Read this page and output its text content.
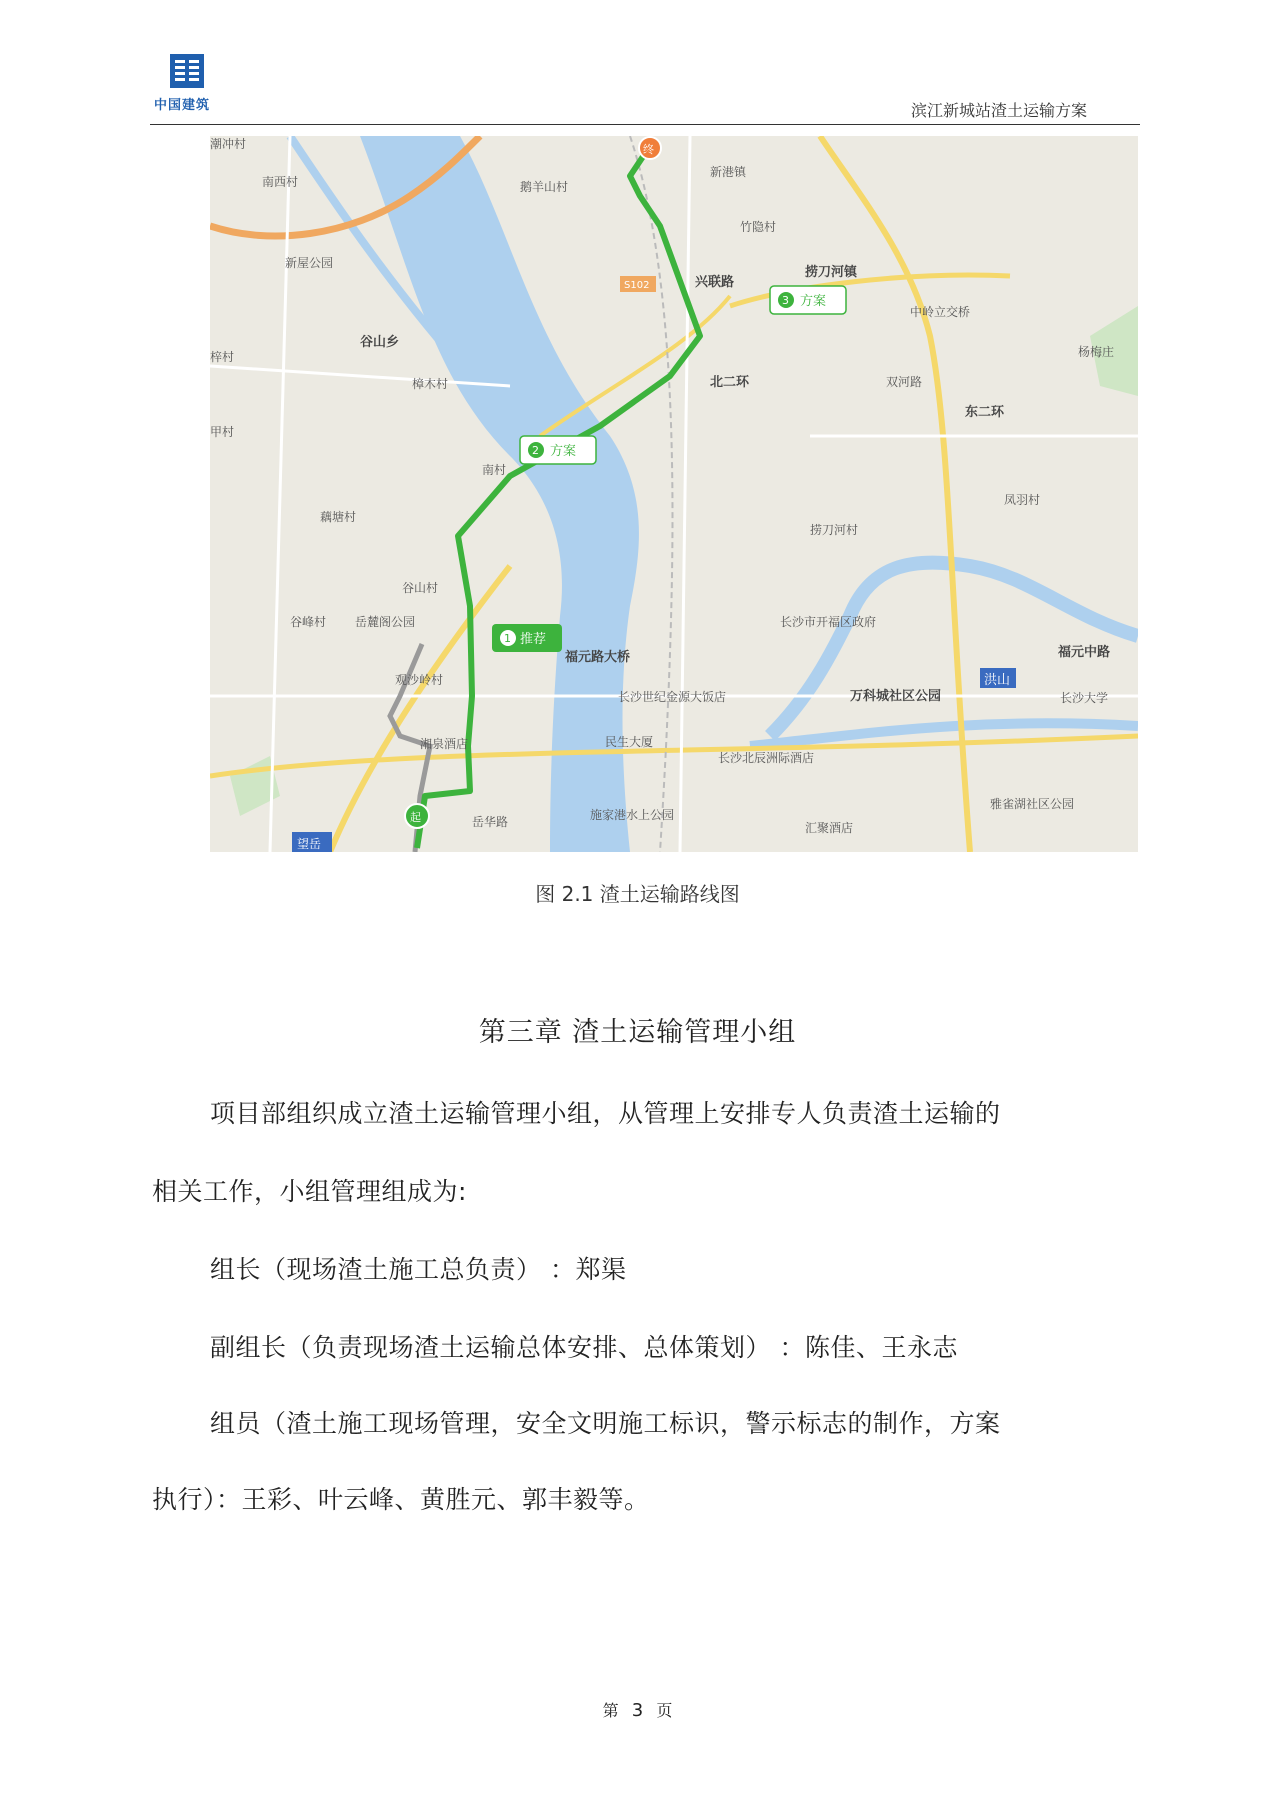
中国建筑	滨江新城站渣土运输方案
潮冲村
南西村
新屋公园
鹅羊山村
新港镇
竹隐村
捞刀河镇
中岭立交桥
杨梅庄
谷山乡
樟木村	双河路
东二环
凤羽村
南村
藕塘村
捞刀河村
谷山村
谷峰村 岳麓阁公园	长沙市开福区政府
观沙岭村
长沙世纪金源大饭店	万科城社区公园	长沙大学
湘泉酒店	民生大厦
长沙北辰洲际酒店
施家港水上公园
雅雀湖社区公园
汇聚酒店
福元路大桥	福元中路
兴联路
北二环
岳华路
梓村
甲村
望岳
S102
洪山
终
起
1 推荐
2 方案
3 方案
图 2.1 渣土运输路线图
第三章 渣土运输管理小组
项目部组织成立渣土运输管理小组，从管理上安排专人负责渣土运输的
相关工作，小组管理组成为:
组长（现场渣土施工总负责） ：郑渠
副组长（负责现场渣土运输总体安排、总体策划） ：陈佳、王永志
组员（渣土施工现场管理，安全文明施工标识，警示标志的制作，方案
执行）：王彩、叶云峰、黄胜元、郭丰毅等。
第 3 页
